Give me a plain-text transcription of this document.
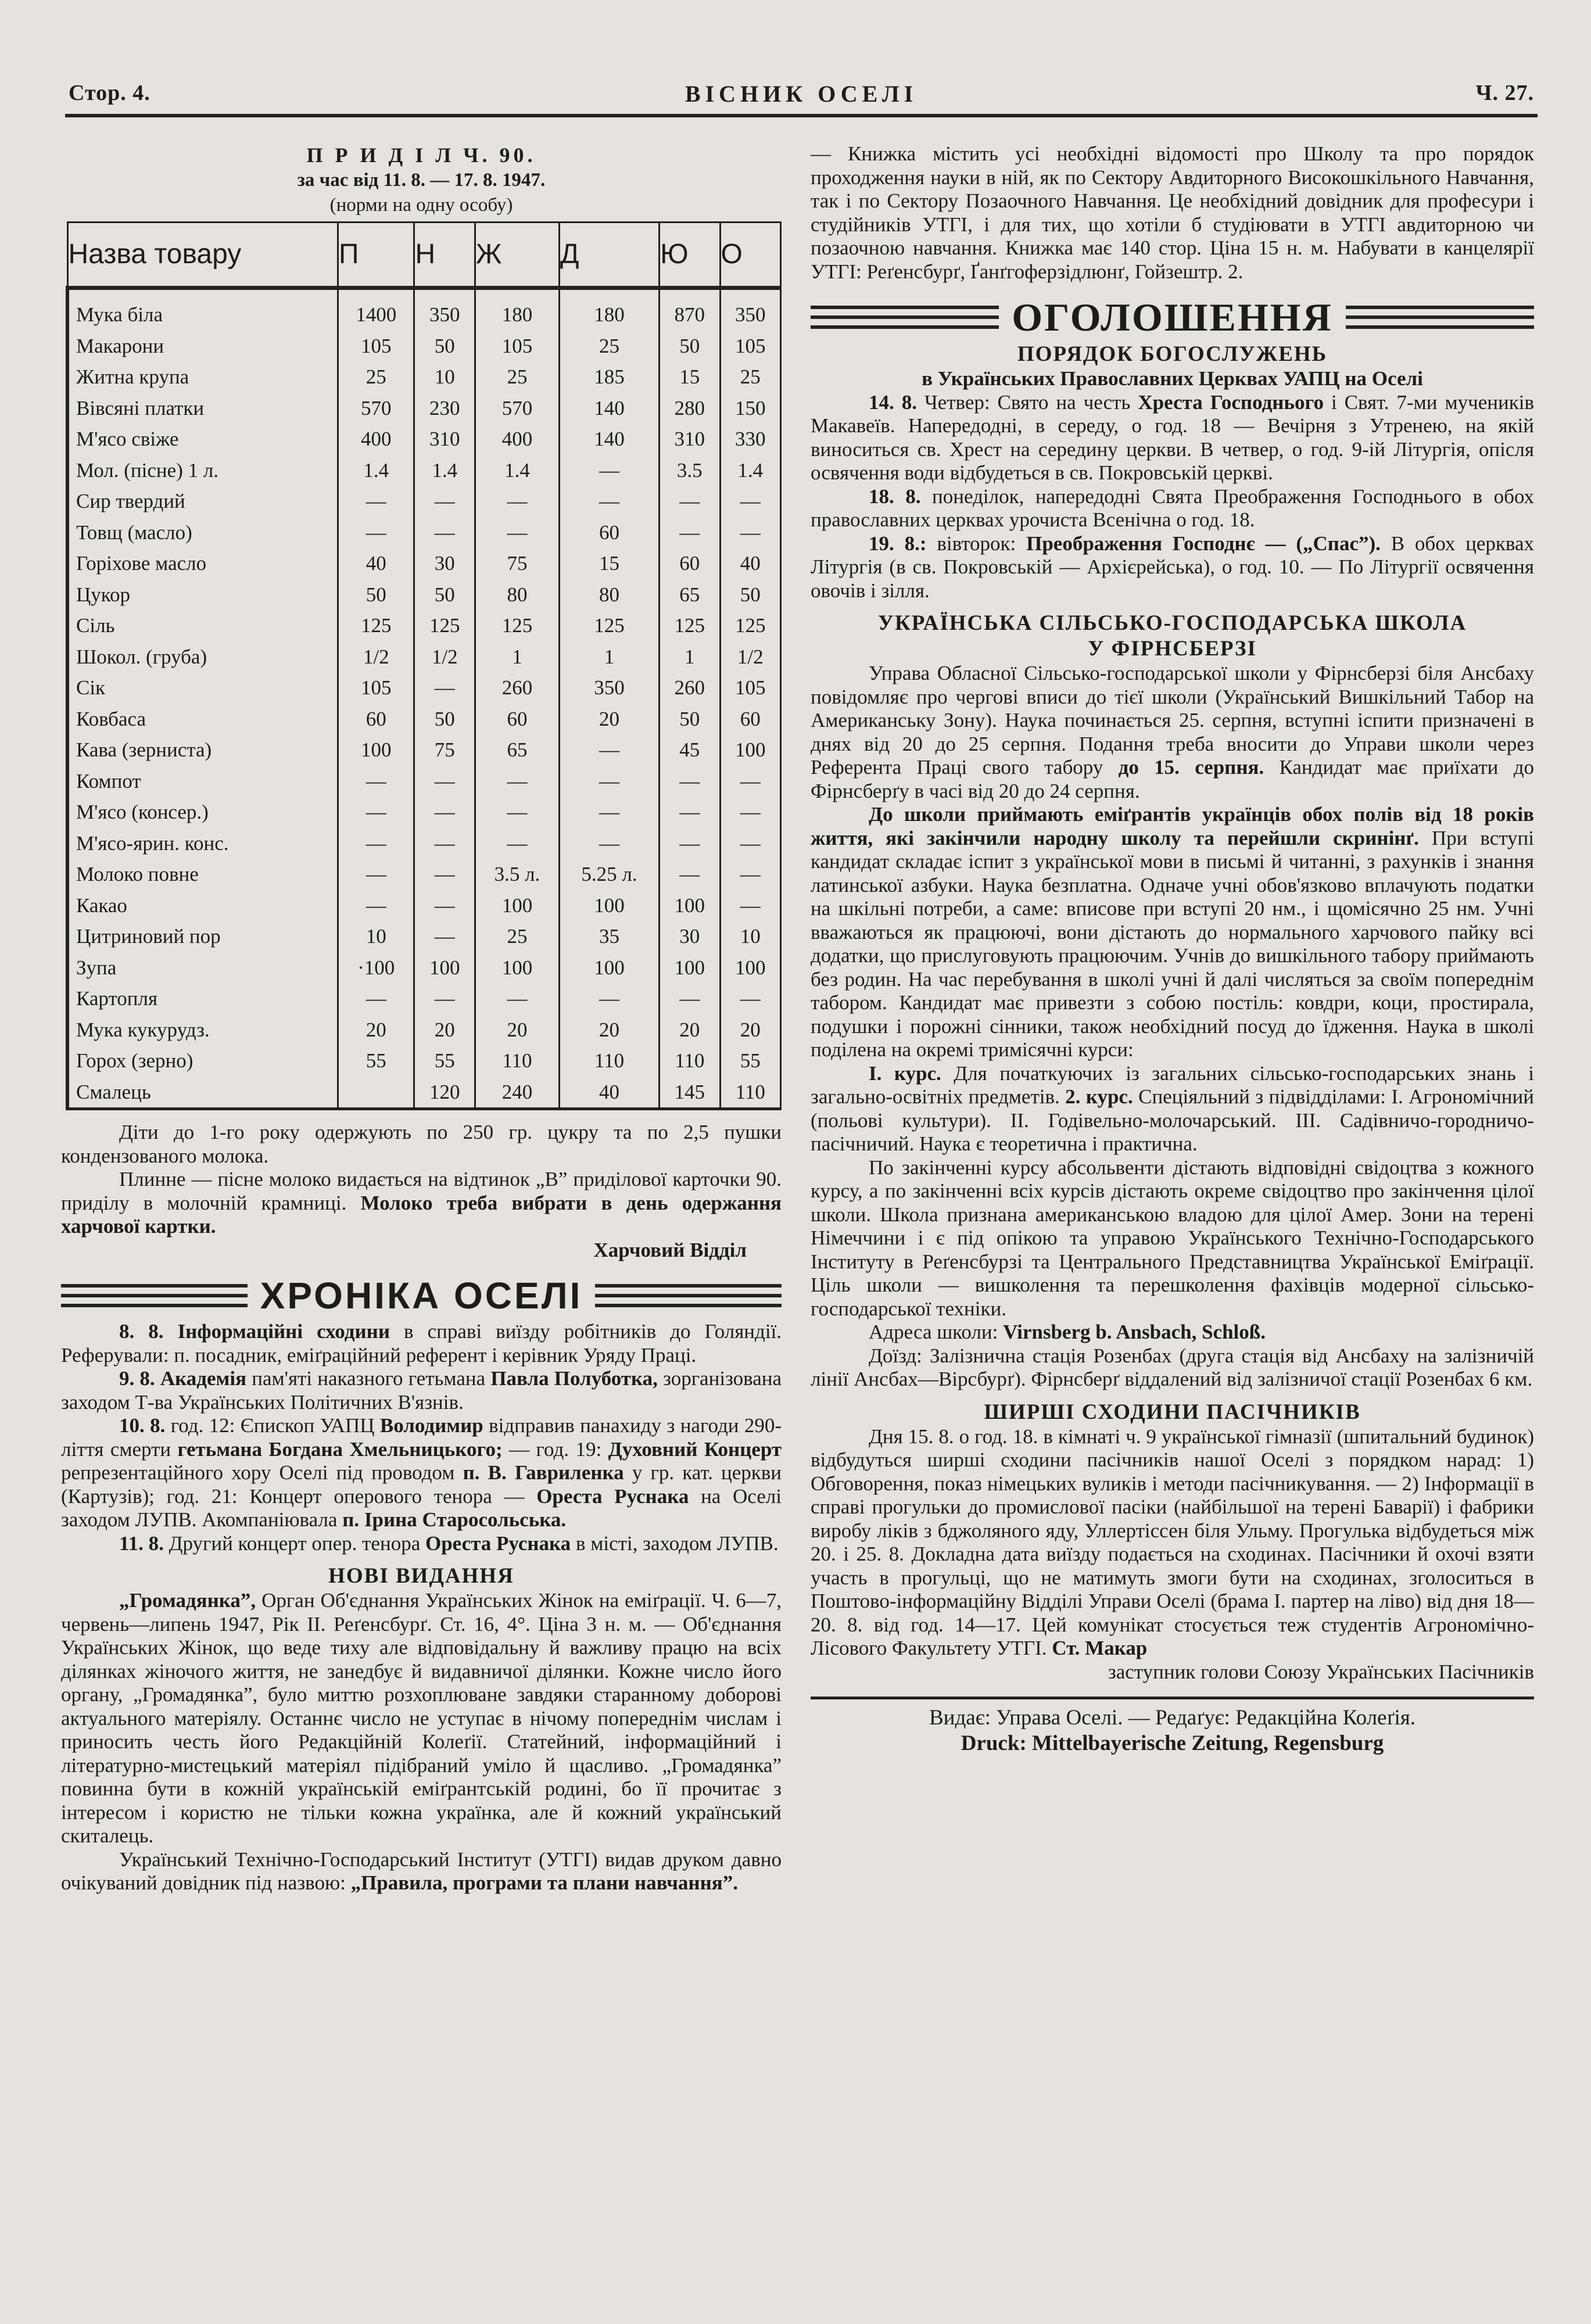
Стор. 4.	ВІСНИК ОСЕЛІ	Ч. 27.
П Р И Д І Л Ч. 90.
за час від 11. 8. — 17. 8. 1947.
(норми на одну особу)
Назва товару	П	Н	Ж	Д	Ю	О
Мука біла	1400	350	180	180	870	350
Макарони	105	50	105	25	50	105
Житна крупа	25	10	25	185	15	25
Вівсяні платки	570	230	570	140	280	150
М'ясо свіже	400	310	400	140	310	330
Мол. (пісне) 1 л.	1.4	1.4	1.4	—	3.5	1.4
Сир твердий	—	—	—	—	—	—
Товщ (масло)	—	—	—	60	—	—
Горіхове масло	40	30	75	15	60	40
Цукор	50	50	80	80	65	50
Сіль	125	125	125	125	125	125
Шокол. (груба)	1/2	1/2	1	1	1	1/2
Сік	105	—	260	350	260	105
Ковбаса	60	50	60	20	50	60
Кава (зерниста)	100	75	65	—	45	100
Компот	—	—	—	—	—	—
М'ясо (консер.)	—	—	—	—	—	—
М'ясо-ярин. конс.	—	—	—	—	—	—
Молоко повне	—	—	3.5 л.	5.25 л.	—	—
Какао	—	—	100	100	100	—
Цитриновий пор	10	—	25	35	30	10
Зупа	·100	100	100	100	100	100
Картопля	—	—	—	—	—	—
Мука кукурудз.	20	20	20	20	20	20
Горох (зерно)	55	55	110	110	110	55
Смалець		120	240	40	145	110

Діти до 1-го року одержують по 250 гр. цукру та по 2,5 пушки кондензованого молока.

Плинне — пісне молоко видається на відтинок „В” приділової карточки 90. приділу в молочній крамниці. Молоко треба вибрати в день одержання харчової картки.

Харчовий Відділ
ХРОНІКА ОСЕЛІ

8. 8. Інформаційні сходини в справі виїзду робітників до Голяндії. Реферували: п. посадник, еміґраційний референт і керівник Уряду Праці.

9. 8. Академія пам'яті наказного гетьмана Павла Полуботка, зорганізована заходом Т-ва Українських Політичних В'язнів.

10. 8. год. 12: Єпископ УАПЦ Володимир відправив панахиду з нагоди 290-ліття смерти гетьмана Богдана Хмельницького; — год. 19: Духовний Концерт репрезентаційного хору Оселі під проводом п. В. Гавриленка у гр. кат. церкви (Картузів); год. 21: Концерт оперового тенора — Ореста Руснака на Оселі заходом ЛУПВ. Акомпаніювала п. Ірина Старосольська.

11. 8. Другий концерт опер. тенора Ореста Руснака в місті, заходом ЛУПВ.

НОВІ ВИДАННЯ

„Громадянка”, Орган Об'єднання Українських Жінок на еміґрації. Ч. 6—7, червень—липень 1947, Рік II. Реґенсбурґ. Ст. 16, 4°. Ціна 3 н. м. — Об'єднання Українських Жінок, що веде тиху але відповідальну й важливу працю на всіх ділянках жіночого життя, не занедбує й видавничої ділянки. Кожне число його органу, „Громадянка”, було миттю розхоплюване завдяки старанному доборові актуального матеріялу. Останнє число не уступає в нічому попереднім числам і приносить честь його Редакційній Колеґії. Статейний, інформаційний і літературно-мистецький матеріял підібраний уміло й щасливо. „Громадянка” повинна бути в кожній українській еміґрантській родині, бо її прочитає з інтересом і користю не тільки кожна українка, але й кожний український скиталець.

Український Технічно-Господарський Інститут (УТГІ) видав друком давно очікуваний довідник під назвою: „Правила, програми та плани навчання”.

— Книжка містить усі необхідні відомості про Школу та про порядок проходження науки в ній, як по Сектору Авдиторного Високошкільного Навчання, так і по Сектору Позаочного Навчання. Це необхідний довідник для професури і студійників УТГІ, і для тих, що хотіли б студіювати в УТГІ авдиторною чи позаочною навчання. Книжка має 140 стор. Ціна 15 н. м. Набувати в канцелярії УТГІ: Реґенсбурґ, Ґанґгоферзідлюнґ, Гойзештр. 2.

ОГОЛОШЕННЯ
ПОРЯДОК БОГОСЛУЖЕНЬ
в Українських Православних Церквах УАПЦ на Оселі

14. 8. Четвер: Свято на честь Хреста Господнього і Свят. 7-ми мучеників Макавеїв. Напередодні, в середу, о год. 18 — Вечірня з Утренею, на якій виноситься св. Хрест на середину церкви. В четвер, о год. 9-ій Літургія, опісля освячення води відбудеться в св. Покровській церкві.

18. 8. понеділок, напередодні Свята Преображення Господнього в обох православних церквах урочиста Всенічна о год. 18.

19. 8.: вівторок: Преображення Господнє — („Спас”). В обох церквах Літургія (в св. Покровській — Архієрейська), о год. 10. — По Літургії освячення овочів і зілля.

УКРАЇНСЬКА СІЛЬСЬКО-ГОСПОДАРСЬКА ШКОЛА
У ФІРНСБЕРЗІ

Управа Обласної Сільсько-господарської школи у Фірнсберзі біля Ансбаху повідомляє про чергові вписи до тієї школи (Український Вишкільний Табор на Американську Зону). Наука починається 25. серпня, вступні іспити призначені в днях від 20 до 25 серпня. Подання треба вносити до Управи школи через Референта Праці свого табору до 15. серпня. Кандидат має приїхати до Фірнсберґу в часі від 20 до 24 серпня.

До школи приймають еміґрантів українців обох полів від 18 років життя, які закінчили народну школу та перейшли скринінґ. При вступі кандидат складає іспит з української мови в письмі й читанні, з рахунків і знання латинської азбуки. Наука безплатна. Одначе учні обов'язково вплачують податки на шкільні потреби, а саме: вписове при вступі 20 нм., і щомісячно 25 нм. Учні вважаються як працюючі, вони дістають до нормального харчового пайку всі додатки, що прислуговують працюючим. Учнів до вишкільного табору приймають без родин. На час перебування в школі учні й далі числяться за своїм попереднім табором. Кандидат має привезти з собою постіль: ковдри, коци, простирала, подушки і порожні сінники, також необхідний посуд до їдження. Наука в школі поділена на окремі тримісячні курси:

I. курс. Для початкуючих із загальних сільсько-господарських знань і загально-освітніх предметів. 2. курс. Спеціяльний з підвідділами: I. Агрономічний (польові культури). II. Годівельно-молочарський. III. Садівничо-городничо-пасічничий. Наука є теоретична і практична.

По закінченні курсу абсольвенти дістають відповідні свідоцтва з кожного курсу, а по закінченні всіх курсів дістають окреме свідоцтво про закінчення цілої школи. Школа признана американською владою для цілої Амер. Зони на терені Німеччини і є під опікою та управою Українського Технічно-Господарського Інституту в Реґенсбурзі та Центрального Представництва Української Еміґрації. Ціль школи — вишколення та перешколення фахівців модерної сільсько-господарської техніки.

Адреса школи: Virnsberg b. Ansbach, Schloß.

Доїзд: Залізнична стація Розенбах (друга стація від Ансбаху на залізничій лінії Ансбах—Вірсбурґ). Фірнсберґ віддалений від залізничої стації Розенбах 6 км.

ШИРШІ СХОДИНИ ПАСІЧНИКІВ

Дня 15. 8. о год. 18. в кімнаті ч. 9 української гімназії (шпитальний будинок) відбудуться ширші сходини пасічників нашої Оселі з порядком нарад: 1) Обговорення, показ німецьких вуликів і методи пасічникування. — 2) Інформації в справі прогульки до промислової пасіки (найбільшої на терені Баварії) і фабрики виробу ліків з бджоляного яду, Уллертіссен біля Ульму. Прогулька відбудеться між 20. і 25. 8. Докладна дата виїзду подається на сходинах. Пасічники й охочі взяти участь в прогульці, що не матимуть змоги бути на сходинах, зголоситься в Поштово-інформаційну Відділі Управи Оселі (брама I. партер на ліво) від дня 18—20. 8. від год. 14—17. Цей комунікат стосується теж студентів Агрономічно-Лісового Факультету УТГІ. Ст. Макар

заступник голови Союзу Українських Пасічників
Видає: Управа Оселі. — Редаґує: Редакційна Колеґія.
Druck: Mittelbayerische Zeitung, Regensburg
